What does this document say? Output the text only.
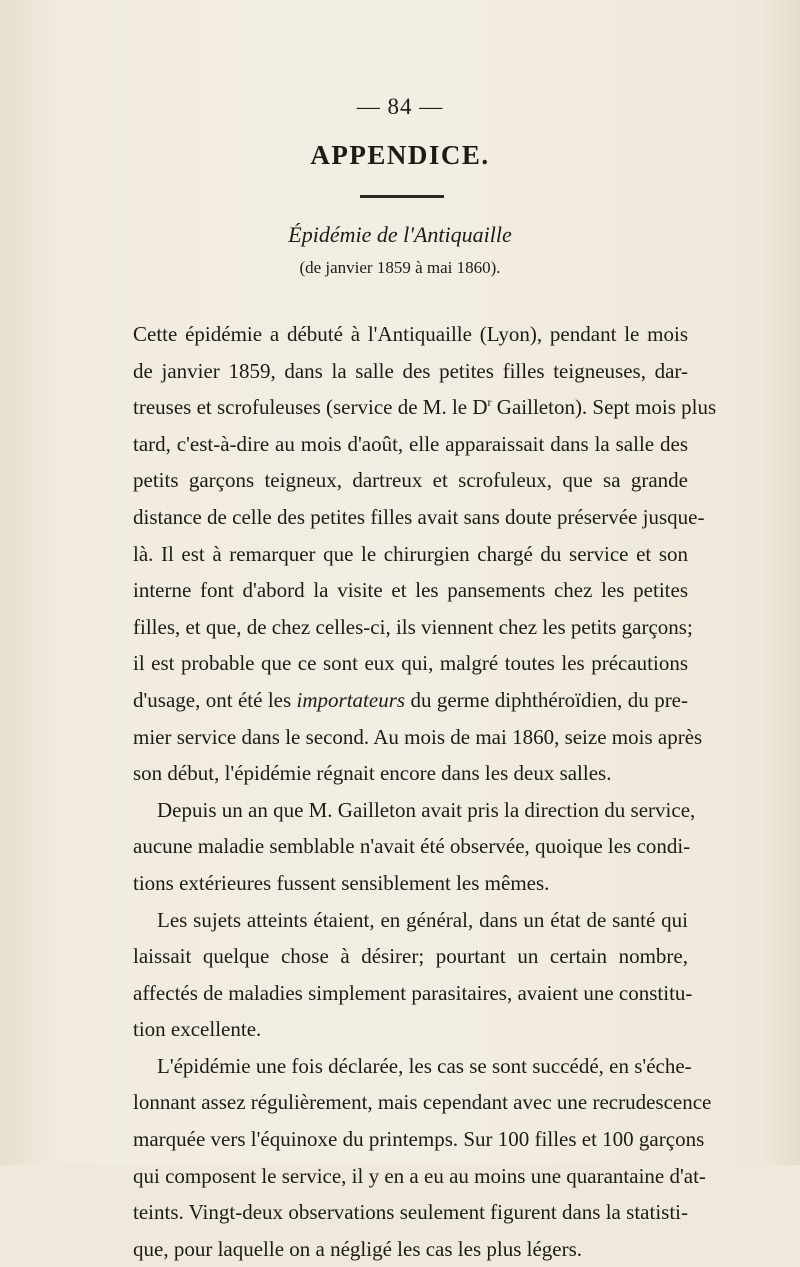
— 84 —
APPENDICE.
Épidémie de l'Antiquaille
(de janvier 1859 à mai 1860).
Cette épidémie a débuté à l'Antiquaille (Lyon), pendant le mois
de janvier 1859, dans la salle des petites filles teigneuses, dar-
treuses et scrofuleuses (service de M. le $D^r$ Gailleton). Sept mois plus
tard, c'est-à-dire au mois d'août, elle apparaissait dans la salle des
petits garçons teigneux, dartreux et scrofuleux, que sa grande
distance de celle des petites filles avait sans doute préservée jusque-
là. Il est à remarquer que le chirurgien chargé du service et son
interne font d'abord la visite et les pansements chez les petites
filles, et que, de chez celles-ci, ils viennent chez les petits garçons;
il est probable que ce sont eux qui, malgré toutes les précautions
d'usage, ont été les importateurs du germe diphthéroïdien, du pre-
mier service dans le second. Au mois de mai 1860, seize mois après
son début, l'épidémie régnait encore dans les deux salles.
Depuis un an que M. Gailleton avait pris la direction du service,
aucune maladie semblable n'avait été observée, quoique les condi-
tions extérieures fussent sensiblement les mêmes.
Les sujets atteints étaient, en général, dans un état de santé qui
laissait quelque chose à désirer; pourtant un certain nombre,
affectés de maladies simplement parasitaires, avaient une constitu-
tion excellente.
L'épidémie une fois déclarée, les cas se sont succédé, en s'éche-
lonnant assez régulièrement, mais cependant avec une recrudescence
marquée vers l'équinoxe du printemps. Sur 100 filles et 100 garçons
qui composent le service, il y en a eu au moins une quarantaine d'at-
teints. Vingt-deux observations seulement figurent dans la statisti-
que, pour laquelle on a négligé les cas les plus légers.
